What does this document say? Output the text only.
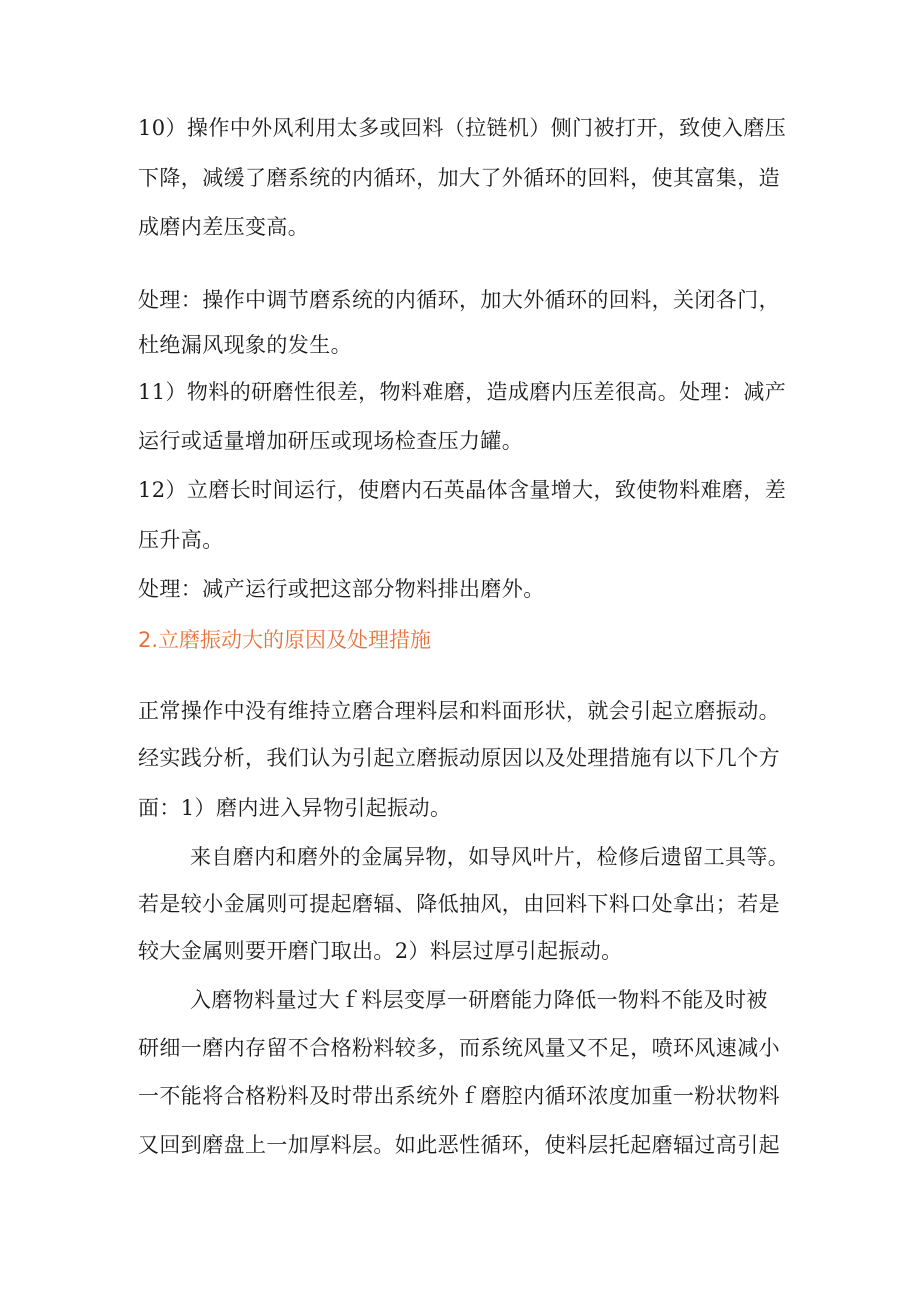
10）操作中外风利用太多或回料（拉链机）侧门被打开，致使入磨压
下降，减缓了磨系统的内循环，加大了外循环的回料，使其富集，造
成磨内差压变高。
处理：操作中调节磨系统的内循环，加大外循环的回料，关闭各门，
杜绝漏风现象的发生。
11）物料的研磨性很差，物料难磨，造成磨内压差很高。处理：减产
运行或适量增加研压或现场检查压力罐。
12）立磨长时间运行，使磨内石英晶体含量增大，致使物料难磨，差
压升高。
处理：减产运行或把这部分物料排出磨外。
2.立磨振动大的原因及处理措施
正常操作中没有维持立磨合理料层和料面形状，就会引起立磨振动。
经实践分析，我们认为引起立磨振动原因以及处理措施有以下几个方
面：1）磨内进入异物引起振动。
来自磨内和磨外的金属异物，如导风叶片，检修后遗留工具等。
若是较小金属则可提起磨辐、降低抽风，由回料下料口处拿出；若是
较大金属则要开磨门取出。2）料层过厚引起振动。
入磨物料量过大ｆ料层变厚一研磨能力降低一物料不能及时被
研细一磨内存留不合格粉料较多，而系统风量又不足，喷环风速减小
一不能将合格粉料及时带出系统外ｆ磨腔内循环浓度加重一粉状物料
又回到磨盘上一加厚料层。如此恶性循环，使料层托起磨辐过高引起
